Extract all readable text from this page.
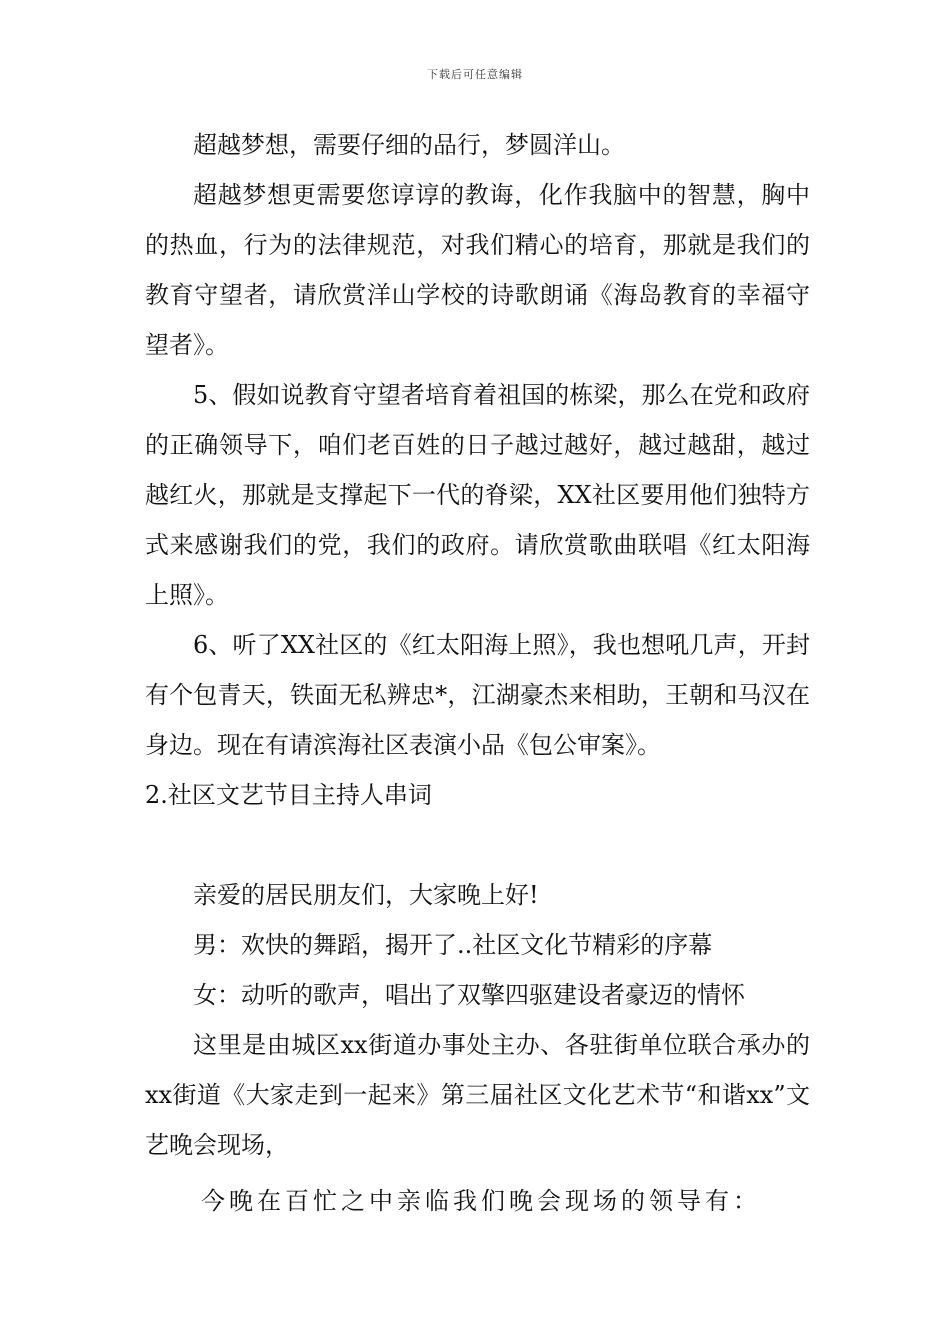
下载后可任意编辑

超越梦想，需要仔细的品行，梦圆洋山。

超越梦想更需要您谆谆的教诲，化作我脑中的智慧，胸中的热血，行为的法律规范，对我们精心的培育，那就是我们的教育守望者，请欣赏洋山学校的诗歌朗诵《海岛教育的幸福守望者》。

5、假如说教育守望者培育着祖国的栋梁，那么在党和政府的正确领导下，咱们老百姓的日子越过越好，越过越甜，越过越红火，那就是支撑起下一代的脊梁，XX社区要用他们独特方式来感谢我们的党，我们的政府。请欣赏歌曲联唱《红太阳海上照》。

6、听了XX社区的《红太阳海上照》，我也想吼几声，开封有个包青天，铁面无私辨忠*，江湖豪杰来相助，王朝和马汉在身边。现在有请滨海社区表演小品《包公审案》。

2.社区文艺节目主持人串词

亲爱的居民朋友们，大家晚上好!

男：欢快的舞蹈，揭开了..社区文化节精彩的序幕

女：动听的歌声，唱出了双擎四驱建设者豪迈的情怀

这里是由城区xx街道办事处主办、各驻街单位联合承办的xx街道《大家走到一起来》第三届社区文化艺术节“和谐xx”文艺晚会现场，

今晚在百忙之中亲临我们晚会现场的领导有：
